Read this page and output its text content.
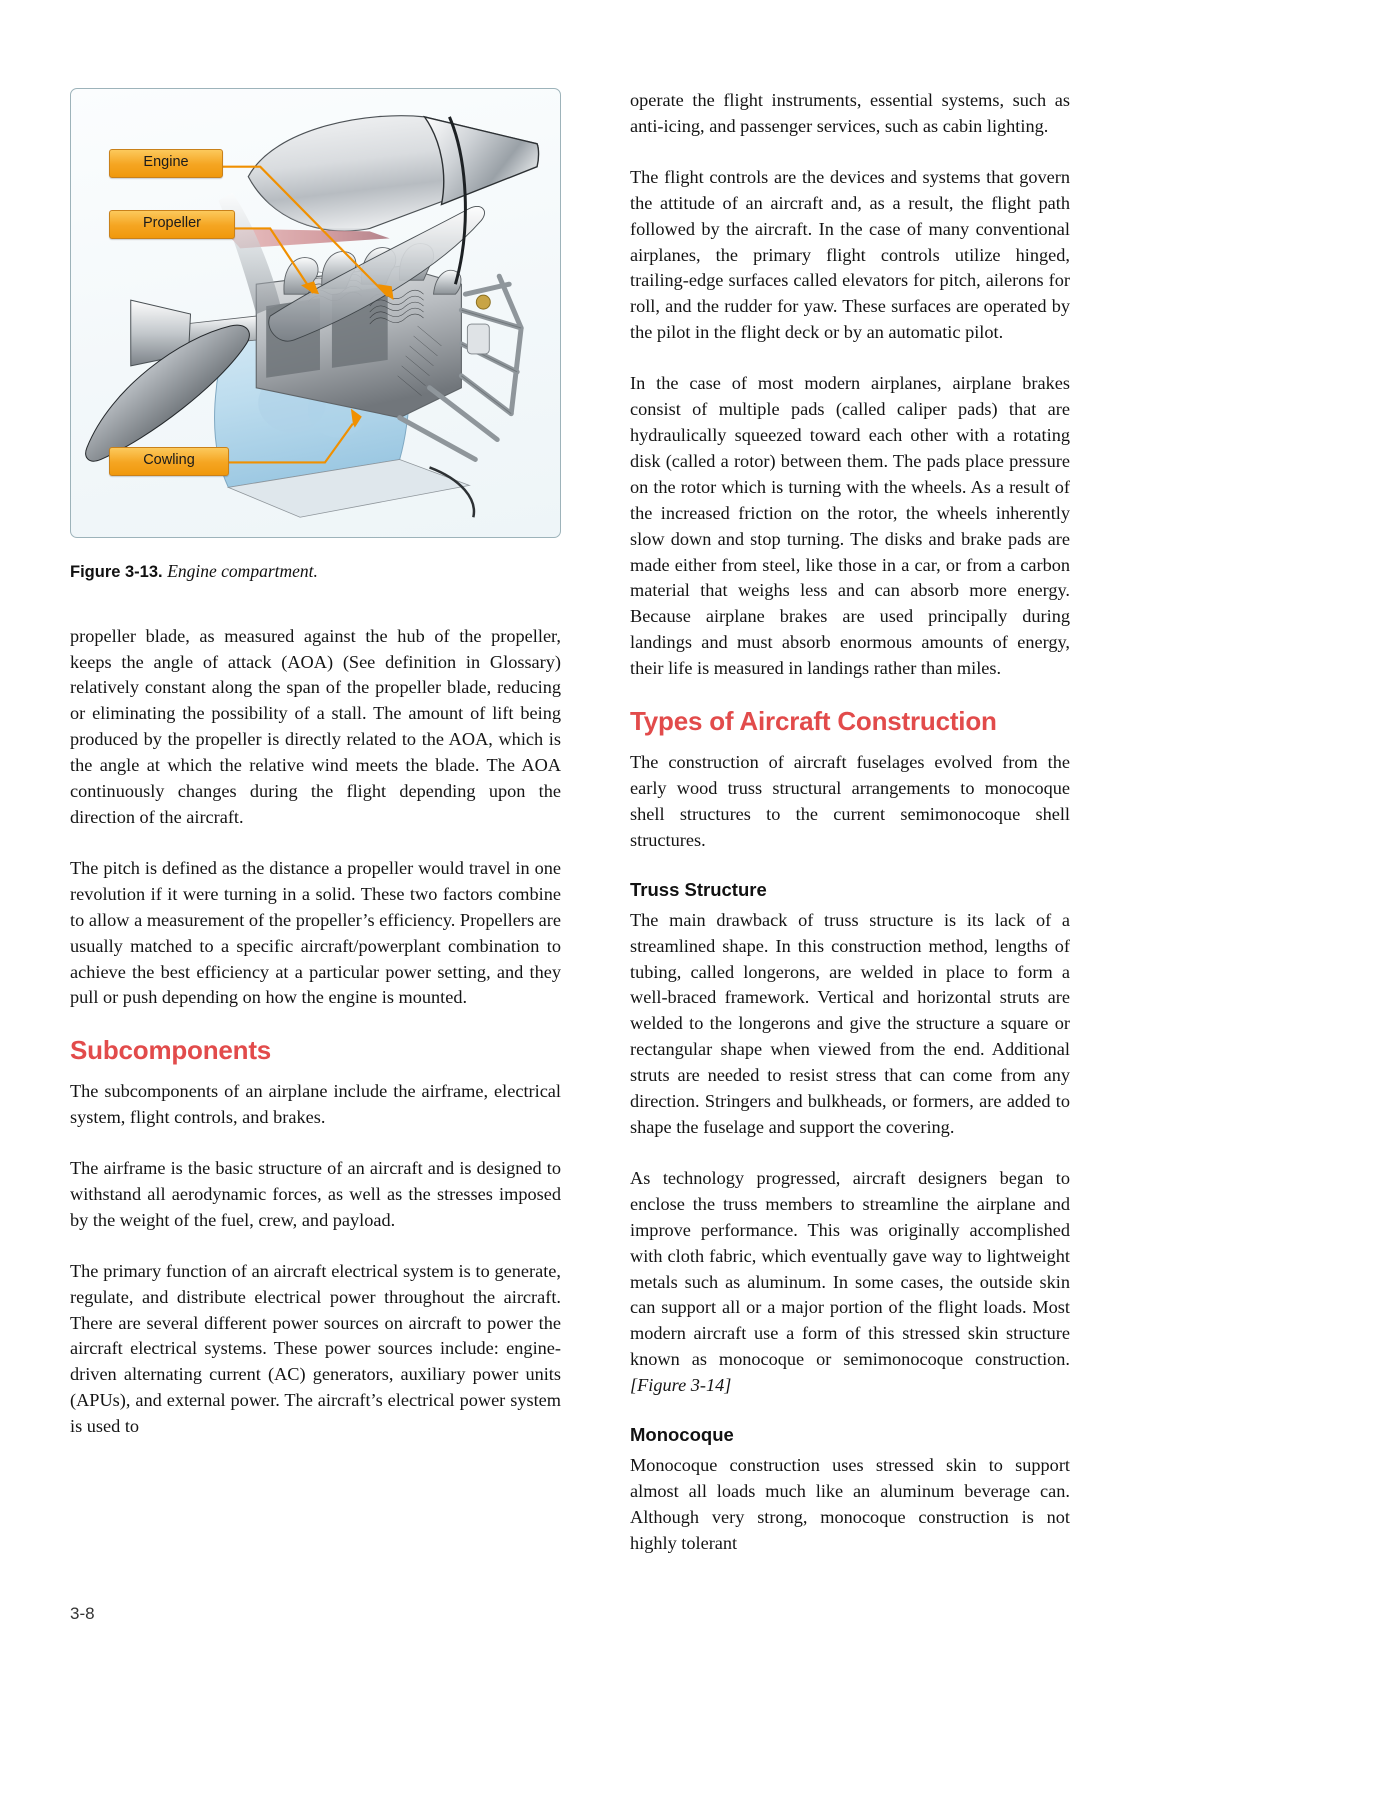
Engine
Propeller
Cowling
Figure 3-13. Engine compartment.

propeller blade, as measured against the hub of the propeller, keeps the angle of attack (AOA) (See definition in Glossary) relatively constant along the span of the propeller blade, reducing or eliminating the possibility of a stall. The amount of lift being produced by the propeller is directly related to the AOA, which is the angle at which the relative wind meets the blade. The AOA continuously changes during the flight depending upon the direction of the aircraft.

The pitch is defined as the distance a propeller would travel in one revolution if it were turning in a solid. These two factors combine to allow a measurement of the propeller’s efficiency. Propellers are usually matched to a specific aircraft/powerplant combination to achieve the best efficiency at a particular power setting, and they pull or push depending on how the engine is mounted.

Subcomponents

The subcomponents of an airplane include the airframe, electrical system, flight controls, and brakes.

The airframe is the basic structure of an aircraft and is designed to withstand all aerodynamic forces, as well as the stresses imposed by the weight of the fuel, crew, and payload.

The primary function of an aircraft electrical system is to generate, regulate, and distribute electrical power throughout the aircraft. There are several different power sources on aircraft to power the aircraft electrical systems. These power sources include: engine-driven alternating current (AC) generators, auxiliary power units (APUs), and external power. The aircraft’s electrical power system is used to

operate the flight instruments, essential systems, such as anti-icing, and passenger services, such as cabin lighting.

The flight controls are the devices and systems that govern the attitude of an aircraft and, as a result, the flight path followed by the aircraft. In the case of many conventional airplanes, the primary flight controls utilize hinged, trailing-edge surfaces called elevators for pitch, ailerons for roll, and the rudder for yaw. These surfaces are operated by the pilot in the flight deck or by an automatic pilot.

In the case of most modern airplanes, airplane brakes consist of multiple pads (called caliper pads) that are hydraulically squeezed toward each other with a rotating disk (called a rotor) between them. The pads place pressure on the rotor which is turning with the wheels. As a result of the increased friction on the rotor, the wheels inherently slow down and stop turning. The disks and brake pads are made either from steel, like those in a car, or from a carbon material that weighs less and can absorb more energy. Because airplane brakes are used principally during landings and must absorb enormous amounts of energy, their life is measured in landings rather than miles.

Types of Aircraft Construction

The construction of aircraft fuselages evolved from the early wood truss structural arrangements to monocoque shell structures to the current semimonocoque shell structures.

Truss Structure

The main drawback of truss structure is its lack of a streamlined shape. In this construction method, lengths of tubing, called longerons, are welded in place to form a well-braced framework. Vertical and horizontal struts are welded to the longerons and give the structure a square or rectangular shape when viewed from the end. Additional struts are needed to resist stress that can come from any direction. Stringers and bulkheads, or formers, are added to shape the fuselage and support the covering.

As technology progressed, aircraft designers began to enclose the truss members to streamline the airplane and improve performance. This was originally accomplished with cloth fabric, which eventually gave way to lightweight metals such as aluminum. In some cases, the outside skin can support all or a major portion of the flight loads. Most modern aircraft use a form of this stressed skin structure known as monocoque or semimonocoque construction. [Figure 3-14]

Monocoque

Monocoque construction uses stressed skin to support almost all loads much like an aluminum beverage can. Although very strong, monocoque construction is not highly tolerant

3-8
